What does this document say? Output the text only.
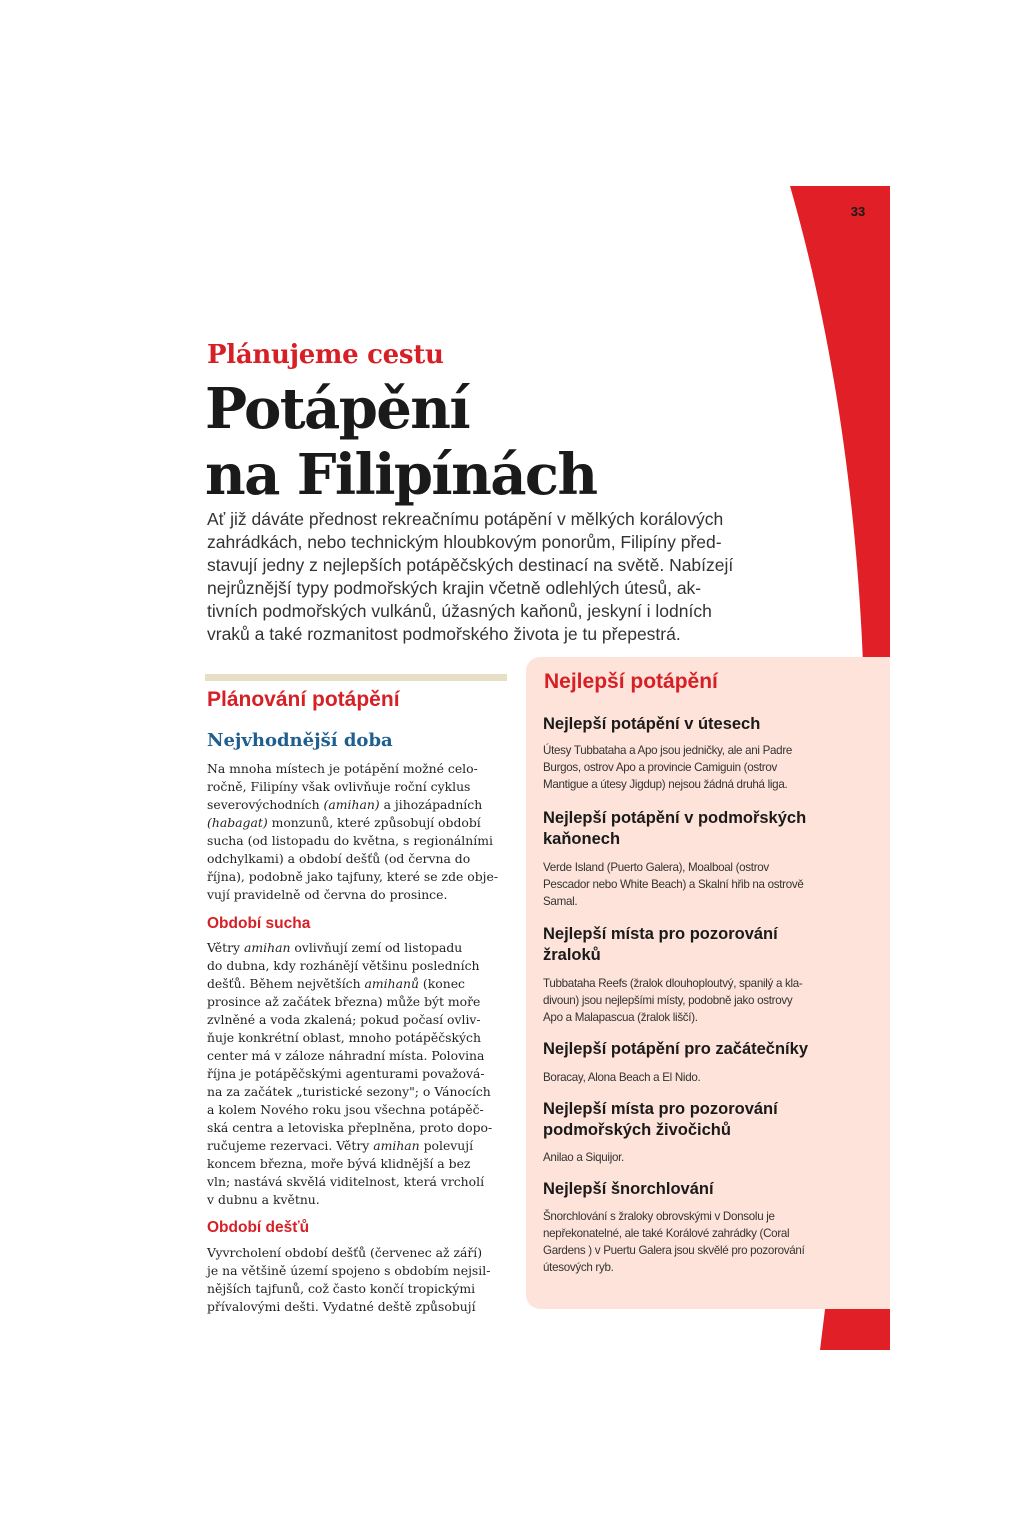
33
Plánujeme cestu
Potápění
na Filipínách

Ať již dáváte přednost rekreačnímu potápění v mělkých korálových
zahrádkách, nebo technickým hloubkovým ponorům, Filipíny před-
stavují jedny z nejlepších potápěčských destinací na světě. Nabízejí
nejrůznější typy podmořských krajin včetně odlehlých útesů, ak-
tivních podmořských vulkánů, úžasných kaňonů, jeskyní i lodních
vraků a také rozmanitost podmořského života je tu přepestrá.

Plánování potápění
Nejvhodnější doba

Na mnoha místech je potápění možné celo-
ročně, Filipíny však ovlivňuje roční cyklus
severovýchodních (amihan) a jihozápadních
(habagat) monzunů, které způsobují období
sucha (od listopadu do května, s regionálními
odchylkami) a období dešťů (od června do
října), podobně jako tajfuny, které se zde obje-
vují pravidelně od června do prosince.

Období sucha

Větry amihan ovlivňují zemí od listopadu
do dubna, kdy rozhánějí většinu posledních
dešťů. Během největších amihanů (konec
prosince až začátek března) může být moře
zvlněné a voda zkalená; pokud počasí ovliv-
ňuje konkrétní oblast, mnoho potápěčských
center má v záloze náhradní místa. Polovina
října je potápěčskými agenturami považová-
na za začátek „turistické sezony"; o Vánocích
a kolem Nového roku jsou všechna potápěč-
ská centra a letoviska přeplněna, proto dopo-
ručujeme rezervaci. Větry amihan polevují
koncem března, moře bývá klidnější a bez
vln; nastává skvělá viditelnost, která vrcholí
v dubnu a květnu.

Období dešťů

Vyvrcholení období dešťů (červenec až září)
je na většině území spojeno s obdobím nejsil-
nějších tajfunů, což často končí tropickými
přívalovými dešti. Vydatné deště způsobují

Nejlepší potápění
Nejlepší potápění v útesech
Útesy Tubbataha a Apo jsou jedničky, ale ani Padre
Burgos, ostrov Apo a provincie Camiguin (ostrov
Mantigue a útesy Jigdup) nejsou žádná druhá liga.
Nejlepší potápění v podmořských
kaňonech
Verde Island (Puerto Galera), Moalboal (ostrov
Pescador nebo White Beach) a Skalní hřib na ostrově
Samal.
Nejlepší místa pro pozorování
žraloků
Tubbataha Reefs (žralok dlouhoploutvý, spanilý a kla-
divoun) jsou nejlepšími místy, podobně jako ostrovy
Apo a Malapascua (žralok liščí).
Nejlepší potápění pro začátečníky
Boracay, Alona Beach a El Nido.
Nejlepší místa pro pozorování
podmořských živočichů
Anilao a Siquijor.
Nejlepší šnorchlování
Šnorchlování s žraloky obrovskými v Donsolu je
nepřekonatelné, ale také Korálové zahrádky (Coral
Gardens ) v Puertu Galera jsou skvělé pro pozorování
útesových ryb.
